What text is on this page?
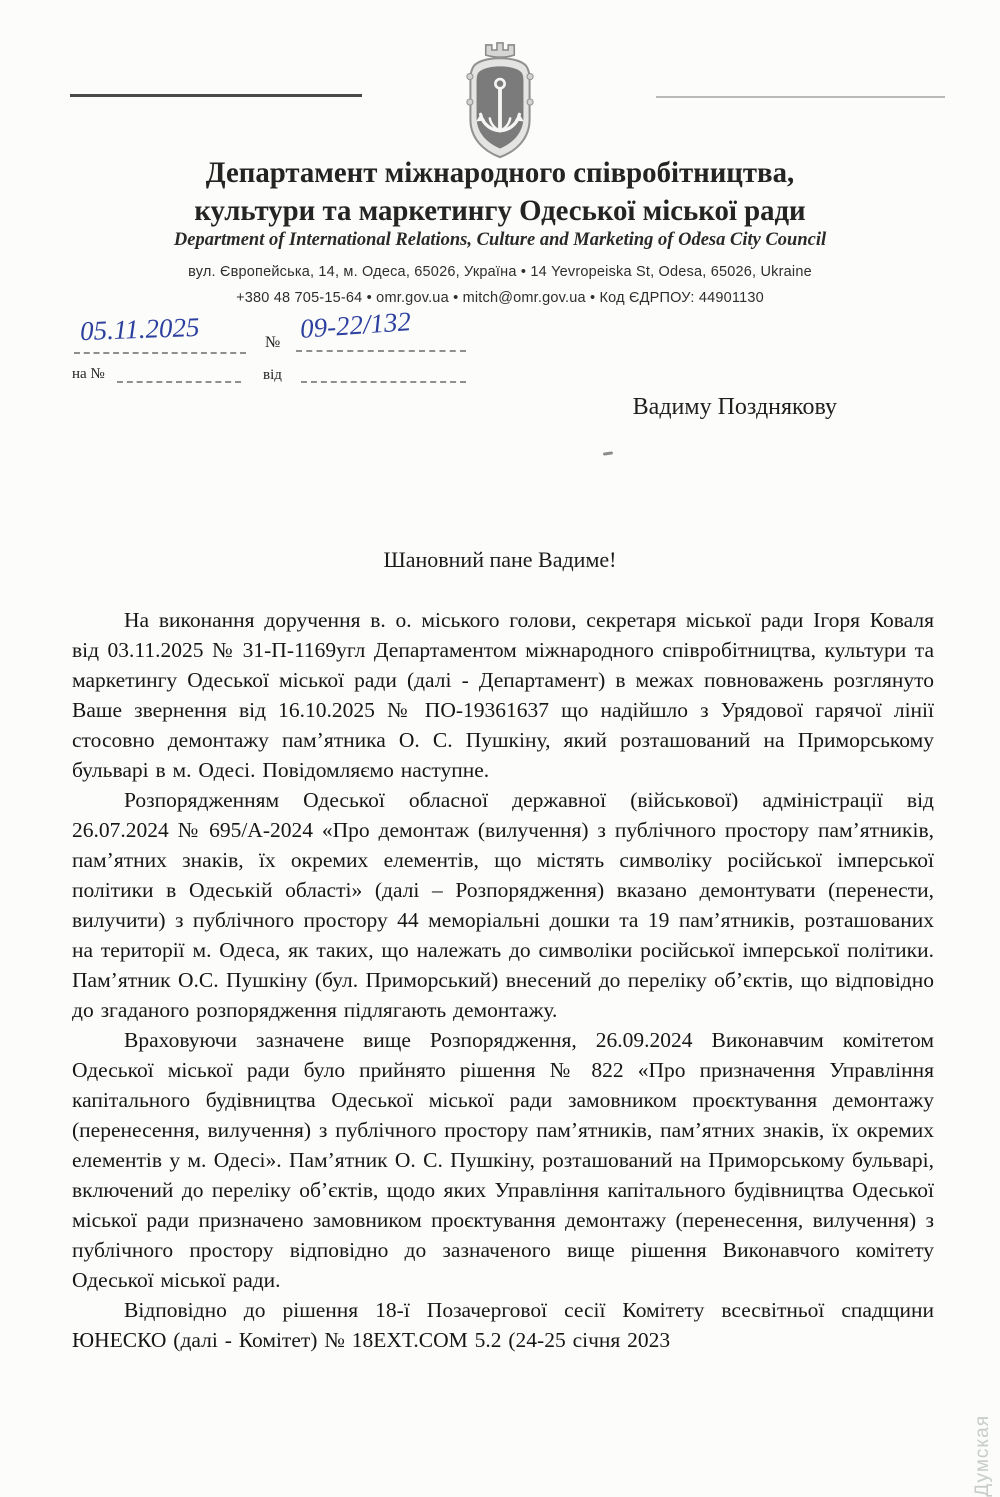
Департамент міжнародного співробітництва,
культури та маркетингу Одеської міської ради
Department of International Relations, Culture and Marketing of Odesa City Council
вул. Європейська, 14, м. Одеса, 65026, Україна • 14 Yevropeiska St, Odesa, 65026, Ukraine
+380 48 705-15-64 • omr.gov.ua • mitch@omr.gov.ua • Код ЄДРПОУ: 44901130
05.11.2025	№ 09-22/132
на №	від
Вадиму Позднякову
Шановний пане Вадиме!

На виконання доручення в. о. міського голови, секретаря міської ради Ігоря Коваля від 03.11.2025 № 31-П-1169угл Департаментом міжнародного співробітництва, культури та маркетингу Одеської міської ради (далі - Департамент) в межах повноважень розглянуто Ваше звернення від 16.10.2025 № ПО-19361637 що надійшло з Урядової гарячої лінії стосовно демонтажу пам’ятника О. С. Пушкіну, який розташований на Приморському бульварі в м. Одесі. Повідомляємо наступне.

Розпорядженням Одеської обласної державної (військової) адміністрації від 26.07.2024 № 695/А-2024 «Про демонтаж (вилучення) з публічного простору пам’ятників, пам’ятних знаків, їх окремих елементів, що містять символіку російської імперської політики в Одеській області» (далі – Розпорядження) вказано демонтувати (перенести, вилучити) з публічного простору 44 меморіальні дошки та 19 пам’ятників, розташованих на території м. Одеса, як таких, що належать до символіки російської імперської політики. Пам’ятник О.С. Пушкіну (бул. Приморський) внесений до переліку об’єктів, що відповідно до згаданого розпорядження підлягають демонтажу.

Враховуючи зазначене вище Розпорядження, 26.09.2024 Виконавчим комітетом Одеської міської ради було прийнято рішення № 822 «Про призначення Управління капітального будівництва Одеської міської ради замовником проєктування демонтажу (перенесення, вилучення) з публічного простору пам’ятників, пам’ятних знаків, їх окремих елементів у м. Одесі». Пам’ятник О. С. Пушкіну, розташований на Приморському бульварі, включений до переліку об’єктів, щодо яких Управління капітального будівництва Одеської міської ради призначено замовником проєктування демонтажу (перенесення, вилучення) з публічного простору відповідно до зазначеного вище рішення Виконавчого комітету Одеської міської ради.

Відповідно до рішення 18-ї Позачергової сесії Комітету всесвітньої спадщини ЮНЕСКО (далі - Комітет) № 18EXT.COM 5.2 (24-25 січня 2023

Думская
